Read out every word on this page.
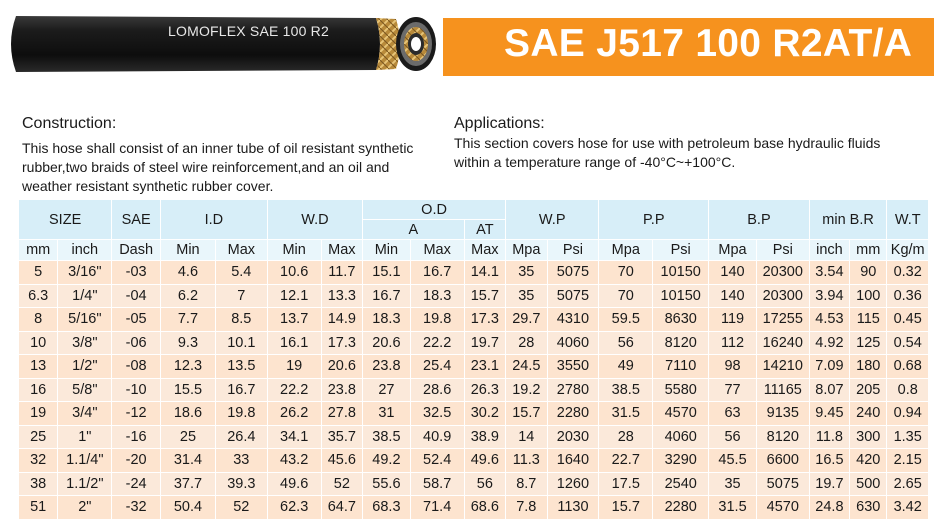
LOMOFLEX SAE 100 R2	SAE J517 100 R2AT/A
Construction:
This hose shall consist of an inner tube of oil resistant synthetic
rubber,two braids of steel wire reinforcement,and an oil and
weather resistant synthetic rubber cover.
Applications:
This section covers hose for use with petroleum base hydraulic fluids
within a temperature range of -40°C~+100°C.
SIZE		SAE	I.D		W.D		O.D			W.P		P.P		B.P		min B.R		W.T
							A		AT									
mm	inch	Dash	Min	Max	Min	Max	Min	Max	Max	Mpa	Psi	Mpa	Psi	Mpa	Psi	inch	mm	Kg/m
5	3/16"	-03	4.6	5.4	10.6	11.7	15.1	16.7	14.1	35	5075	70	10150	140	20300	3.54	90	0.32
6.3	1/4"	-04	6.2	7	12.1	13.3	16.7	18.3	15.7	35	5075	70	10150	140	20300	3.94	100	0.36
8	5/16"	-05	7.7	8.5	13.7	14.9	18.3	19.8	17.3	29.7	4310	59.5	8630	119	17255	4.53	115	0.45
10	3/8"	-06	9.3	10.1	16.1	17.3	20.6	22.2	19.7	28	4060	56	8120	112	16240	4.92	125	0.54
13	1/2"	-08	12.3	13.5	19	20.6	23.8	25.4	23.1	24.5	3550	49	7110	98	14210	7.09	180	0.68
16	5/8"	-10	15.5	16.7	22.2	23.8	27	28.6	26.3	19.2	2780	38.5	5580	77	11165	8.07	205	0.8
19	3/4"	-12	18.6	19.8	26.2	27.8	31	32.5	30.2	15.7	2280	31.5	4570	63	9135	9.45	240	0.94
25	1"	-16	25	26.4	34.1	35.7	38.5	40.9	38.9	14	2030	28	4060	56	8120	11.8	300	1.35
32	1.1/4"	-20	31.4	33	43.2	45.6	49.2	52.4	49.6	11.3	1640	22.7	3290	45.5	6600	16.5	420	2.15
38	1.1/2"	-24	37.7	39.3	49.6	52	55.6	58.7	56	8.7	1260	17.5	2540	35	5075	19.7	500	2.65
51	2"	-32	50.4	52	62.3	64.7	68.3	71.4	68.6	7.8	1130	15.7	2280	31.5	4570	24.8	630	3.42
